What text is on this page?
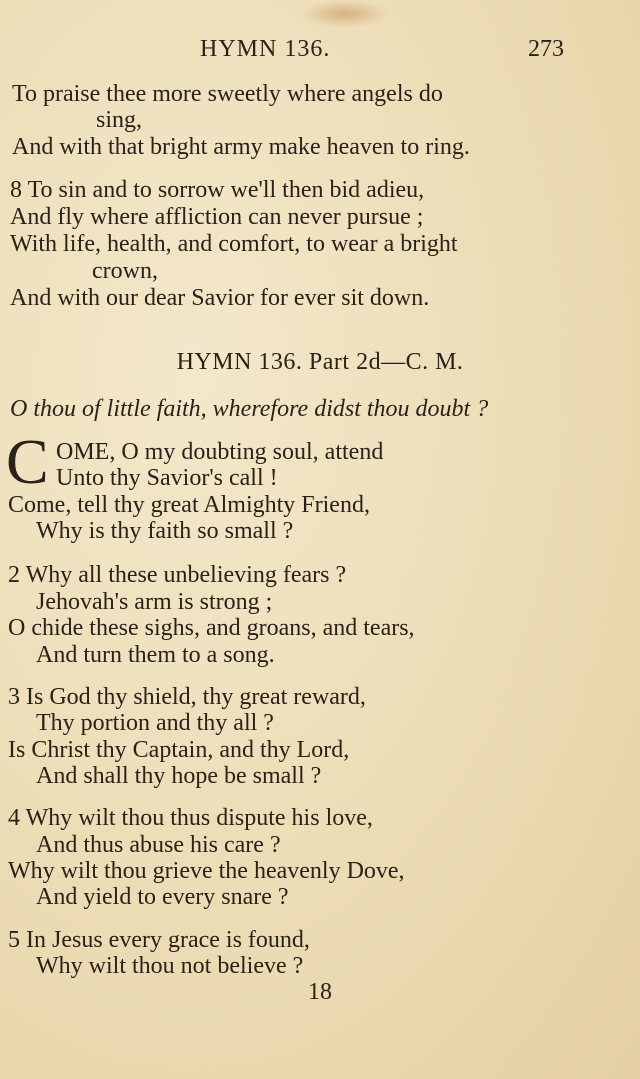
HYMN 136.	273
To praise thee more sweetly where angels do
sing,
And with that bright army make heaven to ring.
8 To sin and to sorrow we'll then bid adieu,
And fly where affliction can never pursue ;
With life, health, and comfort, to wear a bright
crown,
And with our dear Savior for ever sit down.
HYMN 136. Part 2d—C. M.
O thou of little faith, wherefore didst thou doubt ?
C OME, O my doubting soul, attend
Unto thy Savior's call !
Come, tell thy great Almighty Friend,
Why is thy faith so small ?
2 Why all these unbelieving fears ?
Jehovah's arm is strong ;
O chide these sighs, and groans, and tears,
And turn them to a song.
3 Is God thy shield, thy great reward,
Thy portion and thy all ?
Is Christ thy Captain, and thy Lord,
And shall thy hope be small ?
4 Why wilt thou thus dispute his love,
And thus abuse his care ?
Why wilt thou grieve the heavenly Dove,
And yield to every snare ?
5 In Jesus every grace is found,
Why wilt thou not believe ?
18
